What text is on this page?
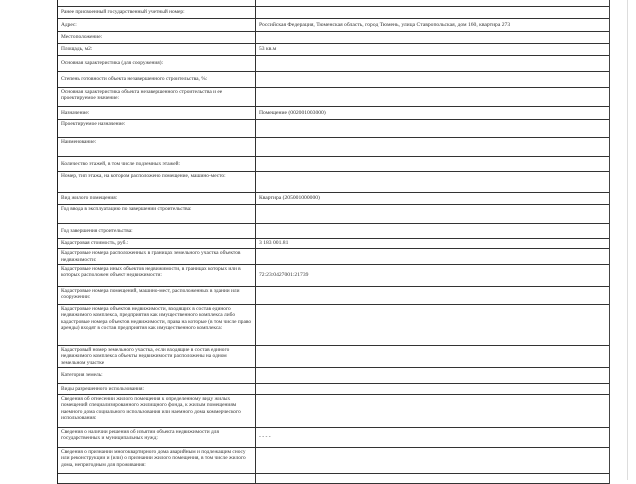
Ранее присвоенный государственный учетный номер:
Адрес:	Российская Федерация, Тюменская область, город Тюмень, улица Ставропольская, дом 160, квартира 273
Местоположение:
Площадь, м2:	53 кв.м
Основная характеристика (для сооружения):
Степень готовности объекта незавершенного строительства, %:
Основная характеристика объекта незавершенного строительства и ее проектируемое значение:
Назначение:	Помещение (002001003000)
Проектируемое назначение:
Наименование:
Количество этажей, в том числе подземных этажей:
Номер, тип этажа, на котором расположено помещение, машино-место:
Вид жилого помещения:	Квартира (205001000000)
Год ввода в эксплуатацию по завершении строительства:
Год завершения строительства:
Кадастровая стоимость, руб.:	3 183 001.81
Кадастровые номера расположенных в границах земельного участка объектов недвижимости:
Кадастровые номера иных объектов недвижимости, в границах которых или в которых расположен объект недвижимости:	72:23:0427001:21739
Кадастровые номера помещений, машино-мест, расположенных в здании или сооружении:
Кадастровые номера объектов недвижимости, входящих в состав единого недвижимого комплекса, предприятия как имущественного комплекса либо кадастровые номера объектов недвижимости, права на которые (в том числе право аренды) входят в состав предприятия как имущественного комплекса:
Кадастровый номер земельного участка, если входящие в состав единого недвижимого комплекса объекты недвижимости расположены на одном земельном участке
Категория земель:
Виды разрешенного использования:
Сведения об отнесении жилого помещения к определенному виду жилых помещений специализированного жилищного фонда, к жилым помещениям наемного дома социального использования или наемного дома коммерческого использования:
Сведения о наличии решения об изъятии объекта недвижимости для государственных и муниципальных нужд:	- - - -
Сведения о признании многоквартирного дома аварийным и подлежащим сносу или реконструкции и (или) о признании жилого помещения, в том числе жилого дома, непригодным для проживания:
